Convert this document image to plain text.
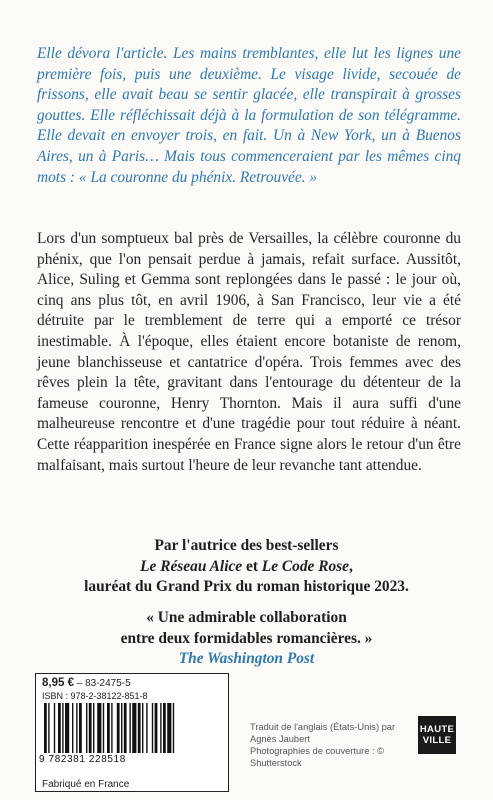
Elle dévora l'article. Les mains tremblantes, elle lut les lignes une première fois, puis une deuxième. Le visage livide, secouée de frissons, elle avait beau se sentir glacée, elle transpirait à grosses gouttes. Elle réfléchissait déjà à la formulation de son télégramme. Elle devait en envoyer trois, en fait. Un à New York, un à Buenos Aires, un à Paris… Mais tous commenceraient par les mêmes cinq mots : « La couronne du phénix. Retrouvée. »

Lors d'un somptueux bal près de Versailles, la célèbre couronne du phénix, que l'on pensait perdue à jamais, refait surface. Aussitôt, Alice, Suling et Gemma sont replongées dans le passé : le jour où, cinq ans plus tôt, en avril 1906, à San Francisco, leur vie a été détruite par le tremblement de terre qui a emporté ce trésor inestimable. À l'époque, elles étaient encore botaniste de renom, jeune blanchisseuse et cantatrice d'opéra. Trois femmes avec des rêves plein la tête, gravitant dans l'entourage du détenteur de la fameuse couronne, Henry Thornton. Mais il aura suffi d'une malheureuse rencontre et d'une tragédie pour tout réduire à néant. Cette réapparition inespérée en France signe alors le retour d'un être malfaisant, mais surtout l'heure de leur revanche tant attendue.

Par l'autrice des best-sellers
Le Réseau Alice et Le Code Rose,
lauréat du Grand Prix du roman historique 2023.
« Une admirable collaboration
entre deux formidables romancières. »
The Washington Post
8,95 € – 83-2475-5
ISBN : 978-2-38122-851-8
9 782381 228518
Fabriqué en France
Traduit de l'anglais (États-Unis) par Agnès Jaubert
Photographies de couverture : © Shutterstock
HAUTE
VILLE
